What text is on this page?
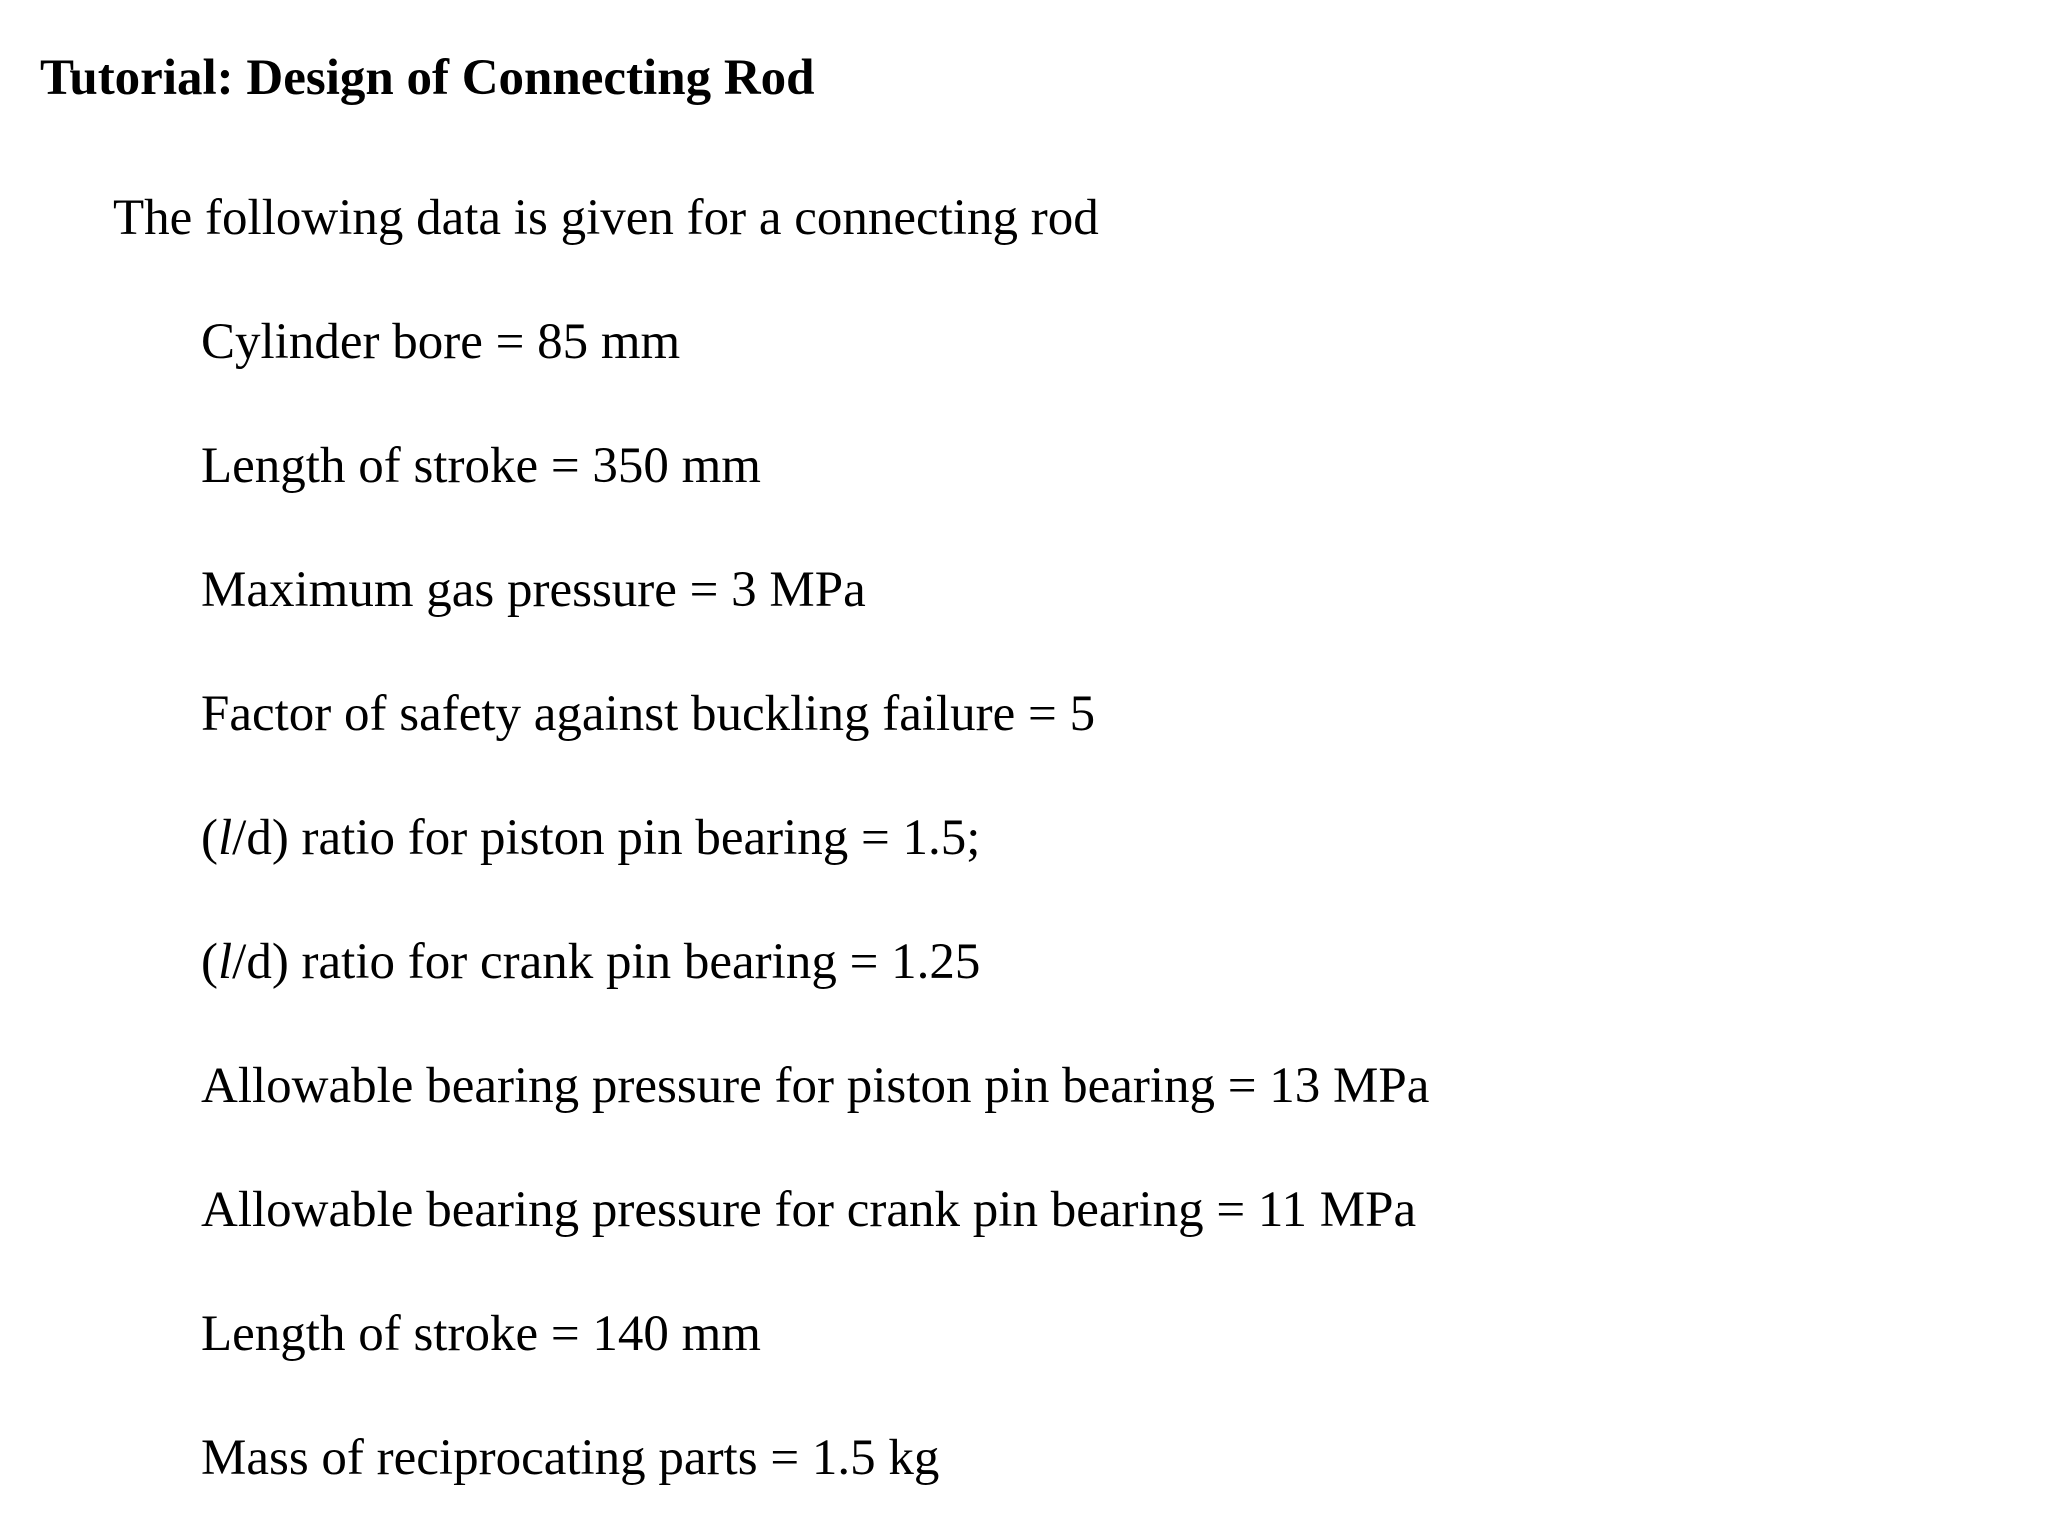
Tutorial: Design of Connecting Rod

The following data is given for a connecting rod

Cylinder bore = 85 mm
Length of stroke = 350 mm
Maximum gas pressure = 3 MPa
Factor of safety against buckling failure = 5
(l/d) ratio for piston pin bearing = 1.5;
(l/d) ratio for crank pin bearing = 1.25
Allowable bearing pressure for piston pin bearing = 13 MPa
Allowable bearing pressure for crank pin bearing = 11 MPa
Length of stroke = 140 mm
Mass of reciprocating parts = 1.5 kg
